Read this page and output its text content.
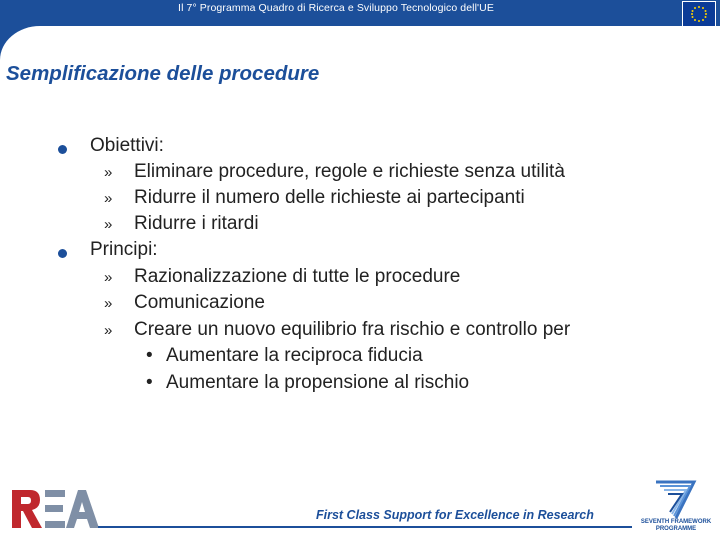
Il 7° Programma Quadro di Ricerca e Sviluppo Tecnologico dell'UE
Semplificazione delle procedure
Obiettivi:
» Eliminare procedure, regole e richieste senza utilità
» Ridurre il numero delle richieste ai partecipanti
» Ridurre i ritardi
Principi:
» Razionalizzazione di tutte le procedure
» Comunicazione
» Creare un nuovo equilibrio fra rischio e controllo per
• Aumentare la reciproca fiducia
• Aumentare la propensione al rischio
First Class Support for Excellence in Research	SEVENTH FRAMEWORK
PROGRAMME
